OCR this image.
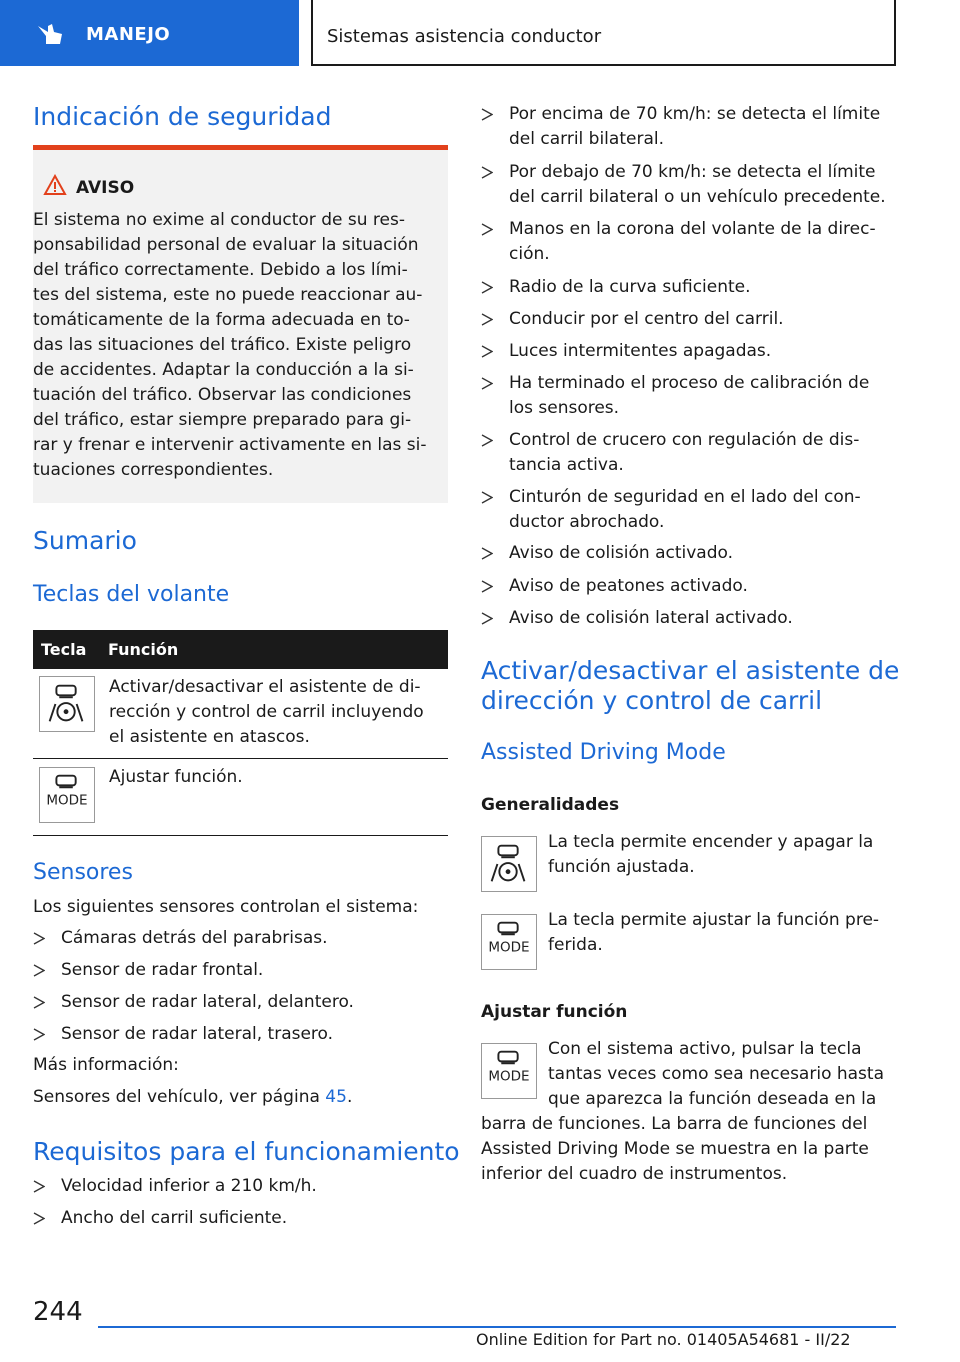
MANEJO	Sistemas asistencia conductor
Indicación de seguridad
AVISO
El sistema no exime al conductor de su res‐
ponsabilidad personal de evaluar la situación
del tráfico correctamente. Debido a los lími‐
tes del sistema, este no puede reaccionar au‐
tomáticamente de la forma adecuada en to‐
das las situaciones del tráfico. Existe peligro
de accidentes. Adaptar la conducción a la si‐
tuación del tráfico. Observar las condiciones
del tráfico, estar siempre preparado para gi‐
rar y frenar e intervenir activamente en las si‐
tuaciones correspondientes.
Sumario
Teclas del volante
Tecla Función
Activar/desactivar el asistente de di‐
rección y control de carril incluyendo
el asistente en atascos.
MODE
Ajustar función.
Sensores
Los siguientes sensores controlan el sistema:
Cámaras detrás del parabrisas.
Sensor de radar frontal.
Sensor de radar lateral, delantero.
Sensor de radar lateral, trasero.
Más información:
Sensores del vehículo, ver página 45.
Requisitos para el funcionamiento
Velocidad inferior a 210 km/h.
Ancho del carril suficiente.
Por encima de 70 km/h: se detecta el límite
del carril bilateral.
Por debajo de 70 km/h: se detecta el límite
del carril bilateral o un vehículo precedente.
Manos en la corona del volante de la direc‐
ción.
Radio de la curva suficiente.
Conducir por el centro del carril.
Luces intermitentes apagadas.
Ha terminado el proceso de calibración de
los sensores.
Control de crucero con regulación de dis‐
tancia activa.
Cinturón de seguridad en el lado del con‐
ductor abrochado.
Aviso de colisión activado.
Aviso de peatones activado.
Aviso de colisión lateral activado.
Activar/desactivar el asistente de
dirección y control de carril
Assisted Driving Mode
Generalidades
La tecla permite encender y apagar la
función ajustada.
MODE
La tecla permite ajustar la función pre‐
ferida.
Ajustar función
MODE
Con el sistema activo, pulsar la tecla
tantas veces como sea necesario hasta
que aparezca la función deseada en la
barra de funciones. La barra de funciones del
Assisted Driving Mode se muestra en la parte
inferior del cuadro de instrumentos.
244
Online Edition for Part no. 01405A54681 - II/22
